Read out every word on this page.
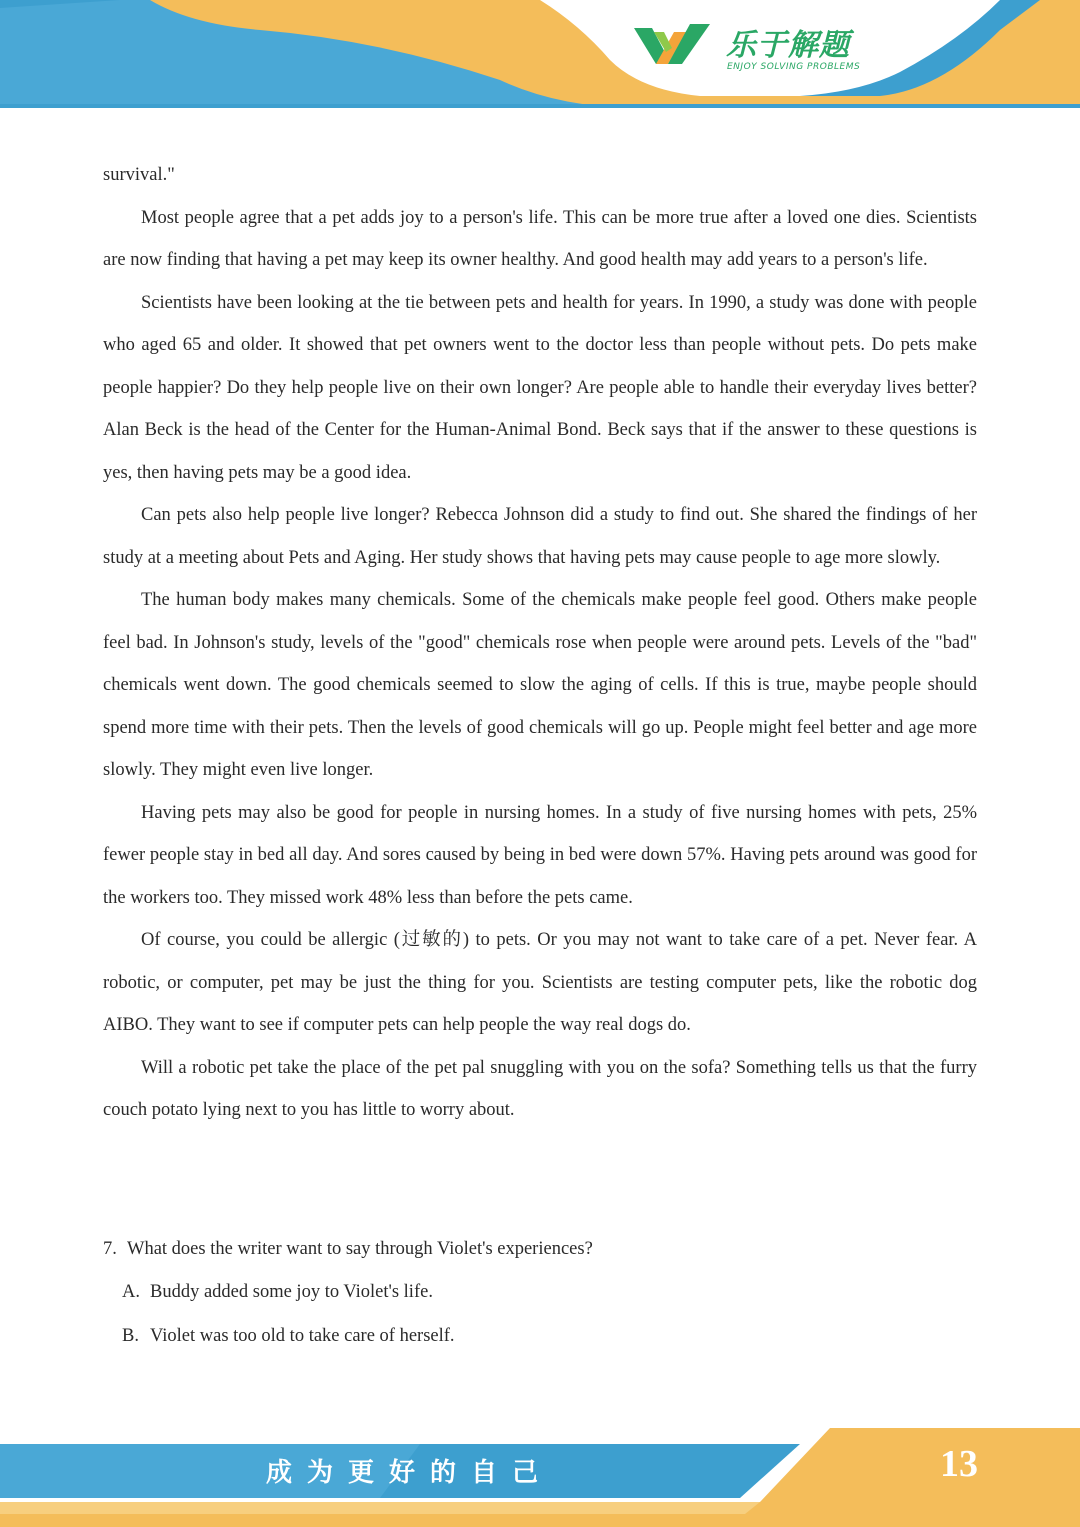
乐于解题
ENJOY SOLVING PROBLEMS

survival."

Most people agree that a pet adds joy to a person's life. This can be more true after a loved one dies. Scientists are now finding that having a pet may keep its owner healthy. And good health may add years to a person's life.

Scientists have been looking at the tie between pets and health for years. In 1990, a study was done with people who aged 65 and older. It showed that pet owners went to the doctor less than people without pets. Do pets make people happier? Do they help people live on their own longer? Are people able to handle their everyday lives better? Alan Beck is the head of the Center for the Human-Animal Bond. Beck says that if the answer to these questions is yes, then having pets may be a good idea.

Can pets also help people live longer? Rebecca Johnson did a study to find out. She shared the findings of her study at a meeting about Pets and Aging. Her study shows that having pets may cause people to age more slowly.

The human body makes many chemicals. Some of the chemicals make people feel good. Others make people feel bad. In Johnson's study, levels of the "good" chemicals rose when people were around pets. Levels of the "bad" chemicals went down. The good chemicals seemed to slow the aging of cells. If this is true, maybe people should spend more time with their pets. Then the levels of good chemicals will go up. People might feel better and age more slowly. They might even live longer.

Having pets may also be good for people in nursing homes. In a study of five nursing homes with pets, 25% fewer people stay in bed all day. And sores caused by being in bed were down 57%. Having pets around was good for the workers too. They missed work 48% less than before the pets came.

Of course, you could be allergic (过敏的) to pets. Or you may not want to take care of a pet. Never fear. A robotic, or computer, pet may be just the thing for you. Scientists are testing computer pets, like the robotic dog AIBO. They want to see if computer pets can help people the way real dogs do.

Will a robotic pet take the place of the pet pal snuggling with you on the sofa? Something tells us that the furry couch potato lying next to you has little to worry about.

7. What does the writer want to say through Violet's experiences?
A. Buddy added some joy to Violet's life.
B. Violet was too old to take care of herself.
成为更好的自己	13
